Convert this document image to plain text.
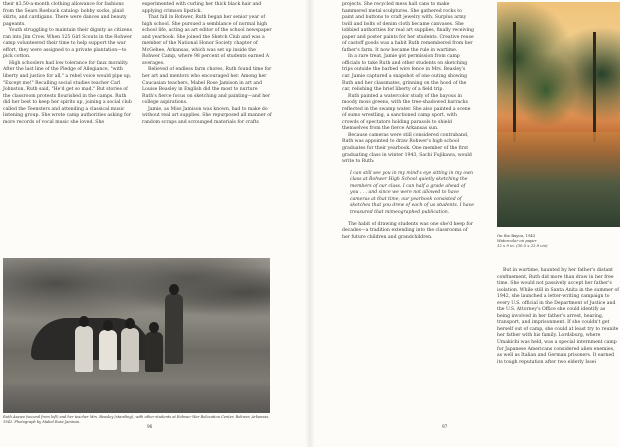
their $3.50-a-month clothing allowance for fashions from the Sears Roebuck catalog: bobby socks, plaid skirts, and cardigans. There were dances and beauty pageants.

Youth struggling to maintain their dignity as citizens ran into Jim Crow. When 125 Girl Scouts in the Rohwer camp volunteered their time to help support the war effort, they were assigned to a private plantation—to pick cotton.

High schoolers had low tolerance for faux morality. After the last line of the Pledge of Allegiance, "with liberty and justice for all," a rebel voice would pipe up, "Except me!" Recalling social studies teacher Carl Johnston, Ruth said, "He'd get so mad." But stories of the classroom protests flourished in the camps. Ruth did her best to keep her spirits up, joining a social club called the Teensters and attending a classical music listening group. She wrote camp authorities asking for more records of vocal music she loved. She

experimented with curling her thick black hair and applying crimson lipstick.

That fall in Rohwer, Ruth began her senior year of high school. She pursued a semblance of normal high school life, acting as art editor of the school newspaper and yearbook. She joined the Sketch Club and was a member of the National Honor Society chapter of McGehee, Arkansas, which was set up inside the Rohwer Camp, where 98 percent of students earned A averages.

Relieved of endless farm chores, Ruth found time for her art and mentors who encouraged her. Among her Caucasian teachers, Mabel Rose Jamison in art and Louise Beasley in English did the most to nurture Ruth's fierce focus on sketching and painting—and her college aspirations.

Jamie, as Miss Jamison was known, had to make do without real art supplies. She repurposed all manner of random scraps and scrounged materials for crafts

Ruth Asawa (second from left) and her teacher Mrs. Beasley (standing), with other students at Rohwer War Relocation Center, Rohwer, Arkansas, 1942. Photograph by Mabel Rose Jamison.
96

projects. She recycled mess hall cans to make hammered metal sculptures. She gathered rocks to paint and buttons to craft jewelry with. Surplus army twill and bolts of denim cloth became canvases. She lobbied authorities for real art supplies, finally receiving paper and poster paints for her students. Creative reuse of castoff goods was a habit Ruth remembered from her father's farm. It now became the rule in wartime.

In a rare treat, Jamie got permission from camp officials to take Ruth and other students on sketching trips outside the barbed wire fence in Mrs. Beasley's car. Jamie captured a snapshot of one outing showing Ruth and her classmates, grinning on the hood of the car, relishing the brief liberty of a field trip.

Ruth painted a watercolor study of the bayous in moody moss greens, with the tree-shadowed barracks reflected in the swamp water. She also painted a scene of sumo wrestling, a sanctioned camp sport, with crowds of spectators holding parasols to shield themselves from the fierce Arkansas sun.

Because cameras were still considered contraband, Ruth was appointed to draw Rohwer's high school graduates for their yearbook. One member of the first graduating class in winter 1943, Sachi Fujikawa, would write to Ruth:

I can still see you in my mind's eye sitting in my own class at Rohwer High School quietly sketching the members of our class. I can half a grade ahead of you . . . and since we were not allowed to have cameras at that time, our yearbook consisted of sketches that you drew of each of us students. I have treasured that mimeographed publication.

The habit of drawing students was one she'd keep for decades—a tradition extending into the classrooms of her future children and grandchildren.	On the Bayou, 1943
Watercolor on paper
12 x 9 in. (30.5 x 22.9 cm)

But in wartime, haunted by her father's distant confinement, Ruth did more than draw in her free time. She would not passively accept her father's isolation. While still in Santa Anita in the summer of 1942, she launched a letter-writing campaign to every U.S. official in the Department of Justice and the U.S. Attorney's Office she could identify as being involved in her father's arrest, hearing, transport, and imprisonment. If she couldn't get herself out of camp, she could at least try to reunite her father with his family. Lordsburg, where Umakichi was held, was a special internment camp for Japanese Americans considered alien enemies, as well as Italian and German prisoners. It earned its tough reputation after two elderly Issei

97
